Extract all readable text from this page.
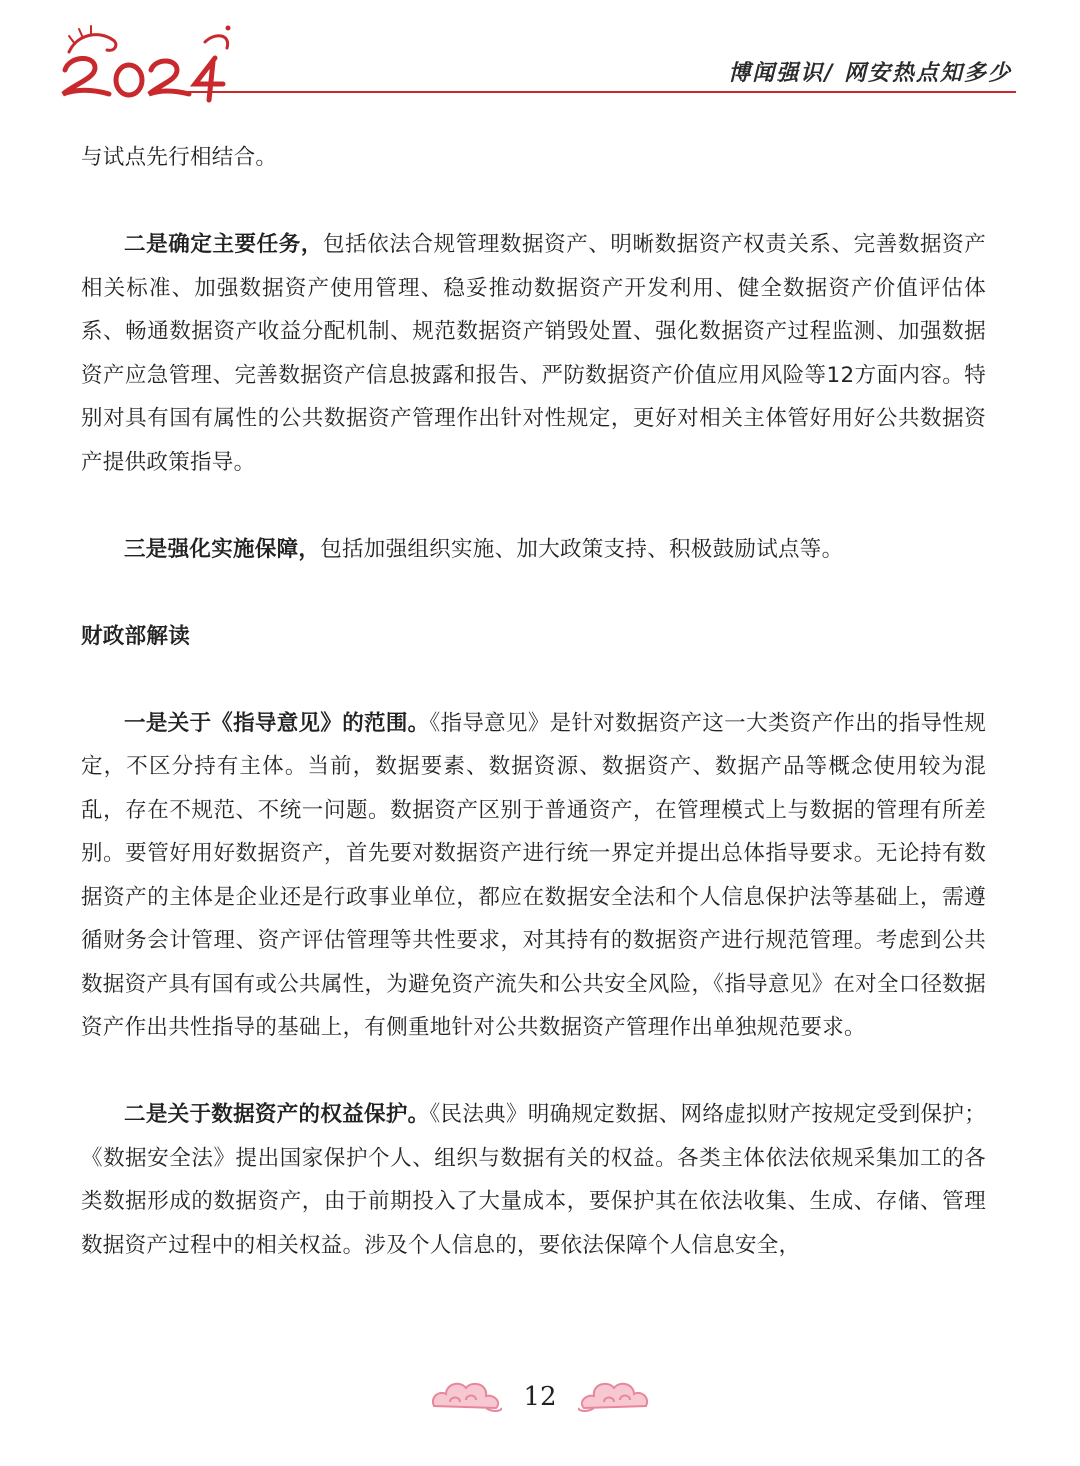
博闻强识/ 网安热点知多少

与试点先行相结合。

二是确定主要任务，包括依法合规管理数据资产、明晰数据资产权责关系、完善数据资产相关标准、加强数据资产使用管理、稳妥推动数据资产开发利用、健全数据资产价值评估体系、畅通数据资产收益分配机制、规范数据资产销毁处置、强化数据资产过程监测、加强数据资产应急管理、完善数据资产信息披露和报告、严防数据资产价值应用风险等12方面内容。特别对具有国有属性的公共数据资产管理作出针对性规定，更好对相关主体管好用好公共数据资产提供政策指导。

三是强化实施保障，包括加强组织实施、加大政策支持、积极鼓励试点等。

财政部解读

一是关于《指导意见》的范围。《指导意见》是针对数据资产这一大类资产作出的指导性规定，不区分持有主体。当前，数据要素、数据资源、数据资产、数据产品等概念使用较为混乱，存在不规范、不统一问题。数据资产区别于普通资产，在管理模式上与数据的管理有所差别。要管好用好数据资产，首先要对数据资产进行统一界定并提出总体指导要求。无论持有数据资产的主体是企业还是行政事业单位，都应在数据安全法和个人信息保护法等基础上，需遵循财务会计管理、资产评估管理等共性要求，对其持有的数据资产进行规范管理。考虑到公共数据资产具有国有或公共属性，为避免资产流失和公共安全风险，《指导意见》在对全口径数据资产作出共性指导的基础上，有侧重地针对公共数据资产管理作出单独规范要求。

二是关于数据资产的权益保护。《民法典》明确规定数据、网络虚拟财产按规定受到保护；《数据安全法》提出国家保护个人、组织与数据有关的权益。各类主体依法依规采集加工的各类数据形成的数据资产，由于前期投入了大量成本，要保护其在依法收集、生成、存储、管理数据资产过程中的相关权益。涉及个人信息的，要依法保障个人信息安全，

12
